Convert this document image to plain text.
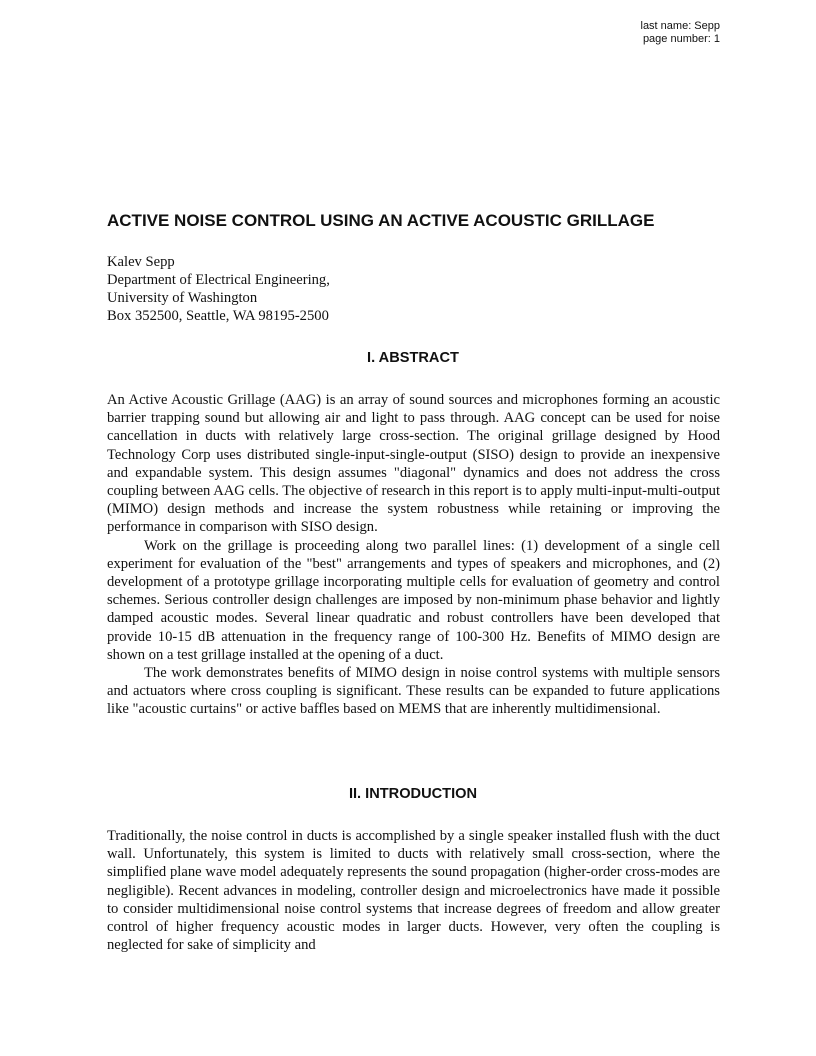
last name: Sepp
page number: 1
ACTIVE NOISE CONTROL USING AN ACTIVE ACOUSTIC GRILLAGE
Kalev Sepp
Department of Electrical Engineering,
University of Washington
Box 352500, Seattle, WA 98195-2500
I. ABSTRACT

An Active Acoustic Grillage (AAG) is an array of sound sources and microphones forming an acoustic barrier trapping sound but allowing air and light to pass through. AAG concept can be used for noise cancellation in ducts with relatively large cross-section. The original grillage designed by Hood Technology Corp uses distributed single-input-single-output (SISO) design to provide an inexpensive and expandable system. This design assumes "diagonal" dynamics and does not address the cross coupling between AAG cells. The objective of research in this report is to apply multi-input-multi-output (MIMO) design methods and increase the system robustness while retaining or improving the performance in comparison with SISO design.

Work on the grillage is proceeding along two parallel lines: (1) development of a single cell experiment for evaluation of the "best" arrangements and types of speakers and microphones, and (2) development of a prototype grillage incorporating multiple cells for evaluation of geometry and control schemes. Serious controller design challenges are imposed by non-minimum phase behavior and lightly damped acoustic modes. Several linear quadratic and robust controllers have been developed that provide 10-15 dB attenuation in the frequency range of 100-300 Hz. Benefits of MIMO design are shown on a test grillage installed at the opening of a duct.

The work demonstrates benefits of MIMO design in noise control systems with multiple sensors and actuators where cross coupling is significant. These results can be expanded to future applications like "acoustic curtains" or active baffles based on MEMS that are inherently multidimensional.

II. INTRODUCTION

Traditionally, the noise control in ducts is accomplished by a single speaker installed flush with the duct wall. Unfortunately, this system is limited to ducts with relatively small cross-section, where the simplified plane wave model adequately represents the sound propagation (higher-order cross-modes are negligible). Recent advances in modeling, controller design and microelectronics have made it possible to consider multidimensional noise control systems that increase degrees of freedom and allow greater control of higher frequency acoustic modes in larger ducts. However, very often the coupling is neglected for sake of simplicity and
